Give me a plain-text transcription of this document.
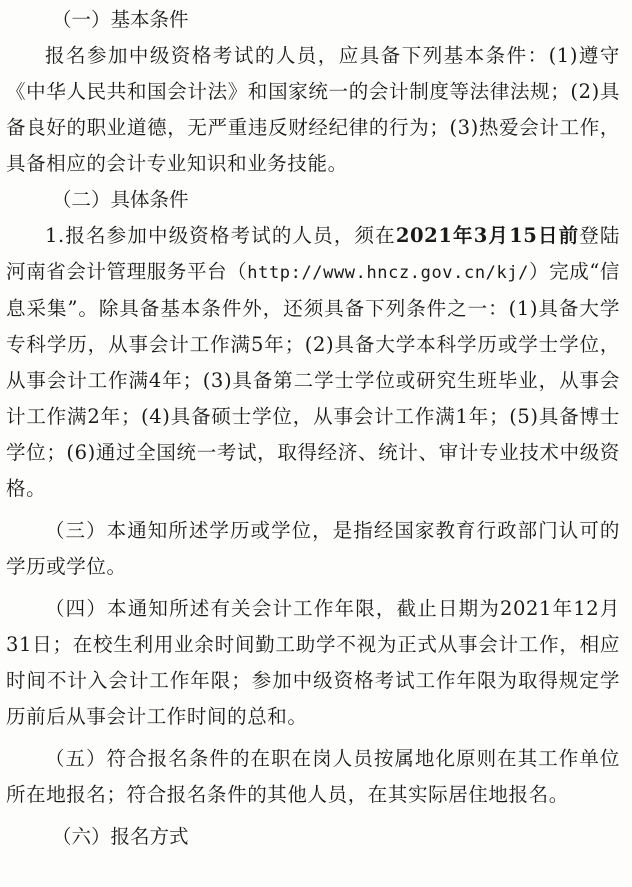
（一）基本条件

报名参加中级资格考试的人员，应具备下列基本条件：(1)遵守《中华人民共和国会计法》和国家统一的会计制度等法律法规；(2)具备良好的职业道德，无严重违反财经纪律的行为；(3)热爱会计工作，具备相应的会计专业知识和业务技能。

（二）具体条件

1.报名参加中级资格考试的人员，须在2021年3月15日前登陆河南省会计管理服务平台（http://www.hncz.gov.cn/kj/）完成“信息采集”。除具备基本条件外，还须具备下列条件之一：(1)具备大学专科学历，从事会计工作满5年；(2)具备大学本科学历或学士学位，从事会计工作满4年；(3)具备第二学士学位或研究生班毕业，从事会计工作满2年；(4)具备硕士学位，从事会计工作满1年；(5)具备博士学位；(6)通过全国统一考试，取得经济、统计、审计专业技术中级资格。

（三）本通知所述学历或学位，是指经国家教育行政部门认可的学历或学位。

（四）本通知所述有关会计工作年限，截止日期为2021年12月31日；在校生利用业余时间勤工助学不视为正式从事会计工作，相应时间不计入会计工作年限；参加中级资格考试工作年限为取得规定学历前后从事会计工作时间的总和。

（五）符合报名条件的在职在岗人员按属地化原则在其工作单位所在地报名；符合报名条件的其他人员，在其实际居住地报名。

（六）报名方式
